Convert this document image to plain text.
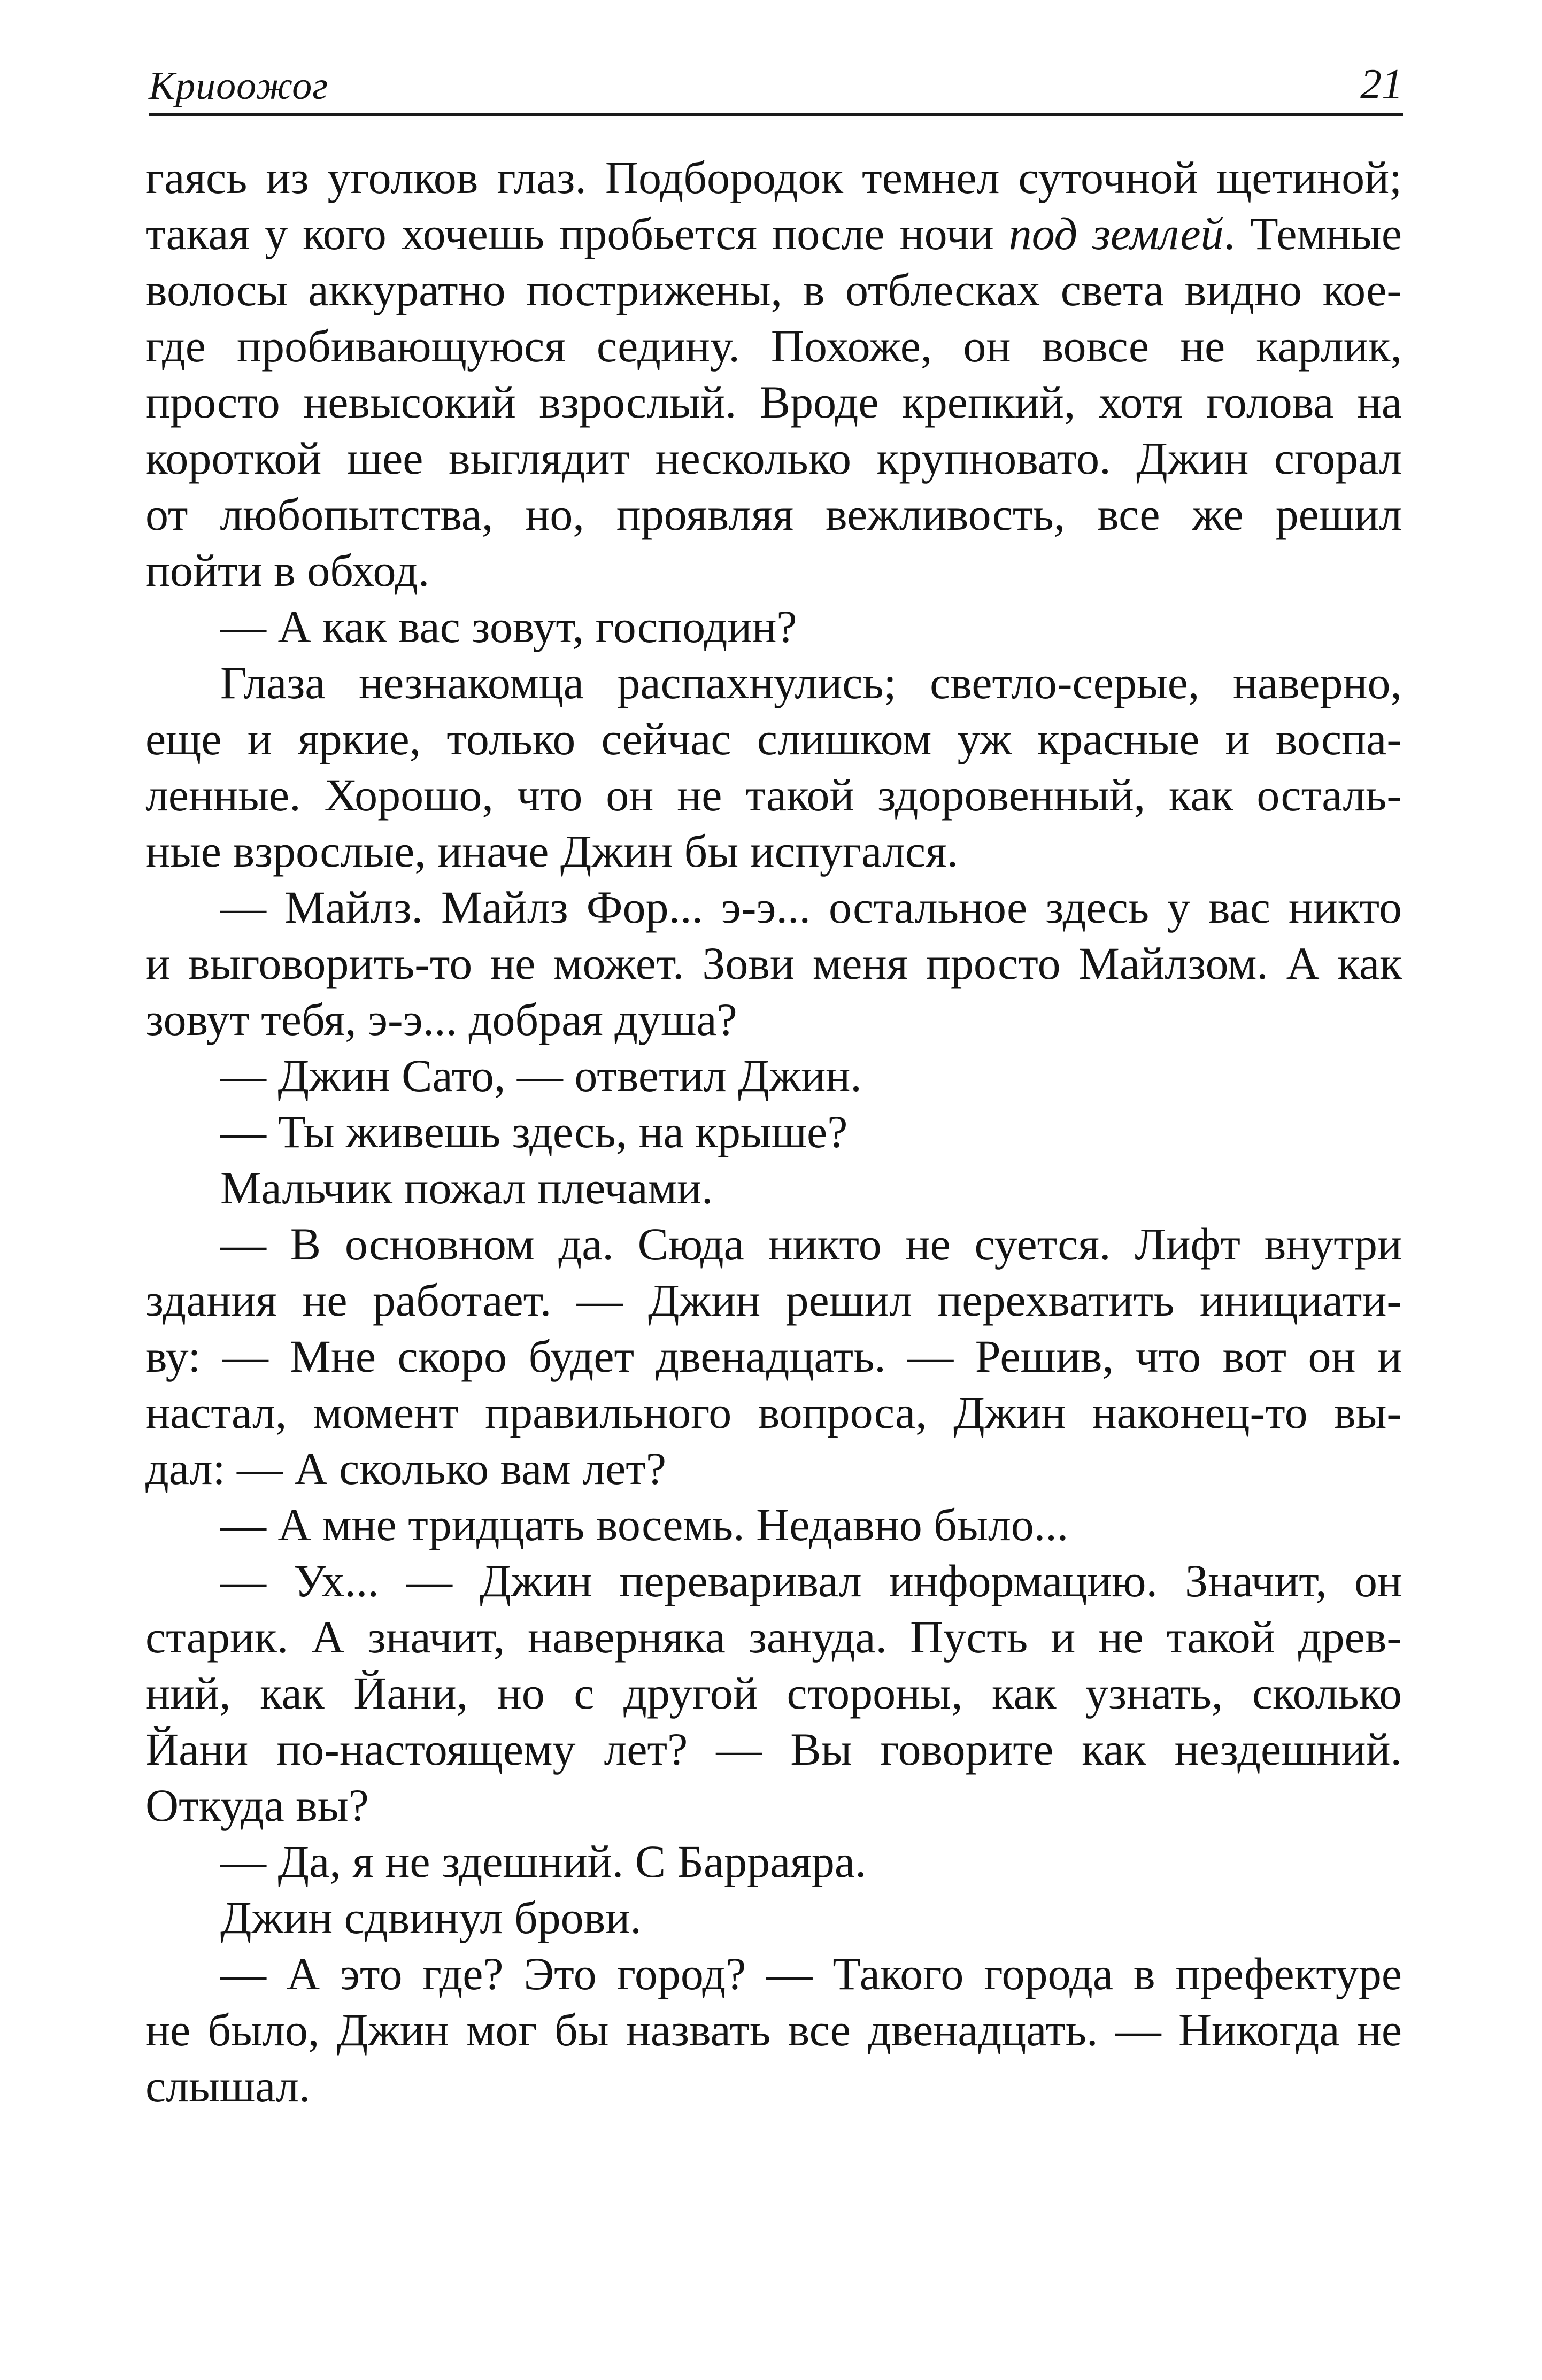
Криоожог	21
гаясь из уголков глаз. Подбородок темнел суточной щетиной;
такая у кого хочешь пробьется после ночи под землей. Темные
волосы аккуратно пострижены, в отблесках света видно кое-
где пробивающуюся седину. Похоже, он вовсе не карлик,
просто невысокий взрослый. Вроде крепкий, хотя голова на
короткой шее выглядит несколько крупновато. Джин сгорал
от любопытства, но, проявляя вежливость, все же решил
пойти в обход.
— А как вас зовут, господин?
Глаза незнакомца распахнулись; светло-серые, наверно,
еще и яркие, только сейчас слишком уж красные и воспа-
ленные. Хорошо, что он не такой здоровенный, как осталь-
ные взрослые, иначе Джин бы испугался.
— Майлз. Майлз Фор... э-э... остальное здесь у вас никто
и выговорить-то не может. Зови меня просто Майлзом. А как
зовут тебя, э-э... добрая душа?
— Джин Сато, — ответил Джин.
— Ты живешь здесь, на крыше?
Мальчик пожал плечами.
— В основном да. Сюда никто не суется. Лифт внутри
здания не работает. — Джин решил перехватить инициати-
ву: — Мне скоро будет двенадцать. — Решив, что вот он и
настал, момент правильного вопроса, Джин наконец-то вы-
дал: — А сколько вам лет?
— А мне тридцать восемь. Недавно было...
— Ух... — Джин переваривал информацию. Значит, он
старик. А значит, наверняка зануда. Пусть и не такой древ-
ний, как Йани, но с другой стороны, как узнать, сколько
Йани по-настоящему лет? — Вы говорите как нездешний.
Откуда вы?
— Да, я не здешний. С Барраяра.
Джин сдвинул брови.
— А это где? Это город? — Такого города в префектуре
не было, Джин мог бы назвать все двенадцать. — Никогда не
слышал.
